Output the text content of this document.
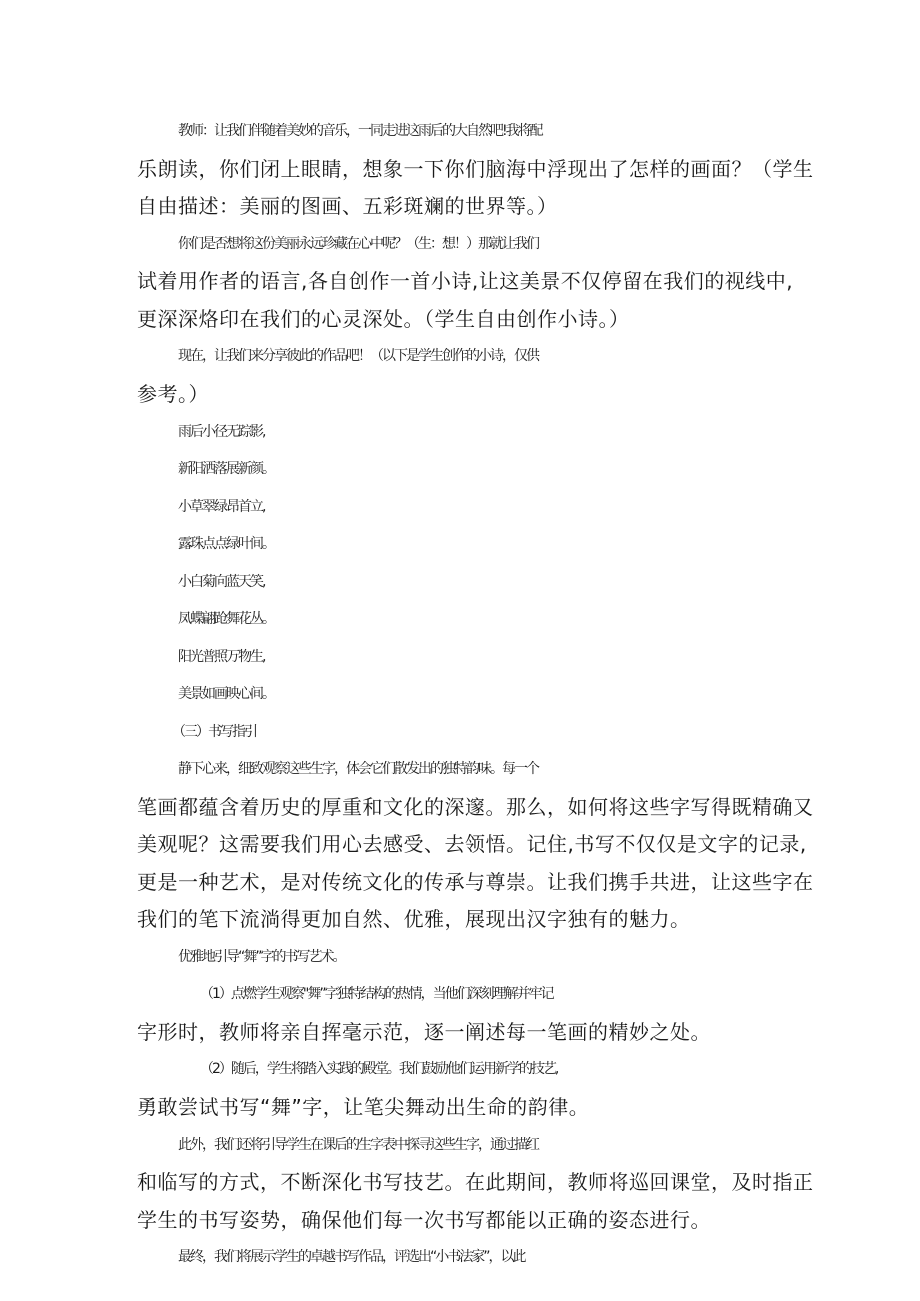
教师：让我们伴随着美妙的音乐，一同走进这雨后的大自然吧!我将配
乐朗读，你们闭上眼睛，想象一下你们脑海中浮现出了怎样的画面？（学生
自由描述：美丽的图画、五彩斑斓的世界等。）
你们是否想将这份美丽永远珍藏在心中呢？（生：想！）那就让我们
试着用作者的语言,各自创作一首小诗,让这美景不仅停留在我们的视线中,
更深深烙印在我们的心灵深处。（学生自由创作小诗。）
现在，让我们来分享彼此的作品吧！（以下是学生创作的小诗，仅供
参考。）
雨后小径无踪影,
新阳洒落展新颜。
小草翠绿昂首立,
露珠点点绿叶间。
小白菊向蓝天笑,
凤蝶翩跄舞花丛。
阳光普照万物生,
美景如画映心间。
（三）书写指引
静下心来，细致观察这些生字，体会它们散发出的独特韵味。每一个
笔画都蕴含着历史的厚重和文化的深邃。那么，如何将这些字写得既精确又
美观呢？这需要我们用心去感受、去领悟。记住,书写不仅仅是文字的记录,
更是一种艺术，是对传统文化的传承与尊崇。让我们携手共进，让这些字在
我们的笔下流淌得更加自然、优雅，展现出汉字独有的魅力。
优雅地引导“舞”字的书写艺术。
（1）点燃学生观察"舞”字独特结构的热情，当他们深刻理解并牢记
字形时，教师将亲自挥毫示范，逐一阐述每一笔画的精妙之处。
（2）随后，学生将踏入实践的殿堂。我们鼓励他们运用新学的技艺,
勇敢尝试书写“舞”字，让笔尖舞动出生命的韵律。
此外，我们还将引导学生在课后的生字表中探寻这些生字，通过描红
和临写的方式，不断深化书写技艺。在此期间，教师将巡回课堂，及时指正
学生的书写姿势，确保他们每一次书写都能以正确的姿态进行。
最终，我们将展示学生的卓越书写作品，评选出“小书法家”，以此
